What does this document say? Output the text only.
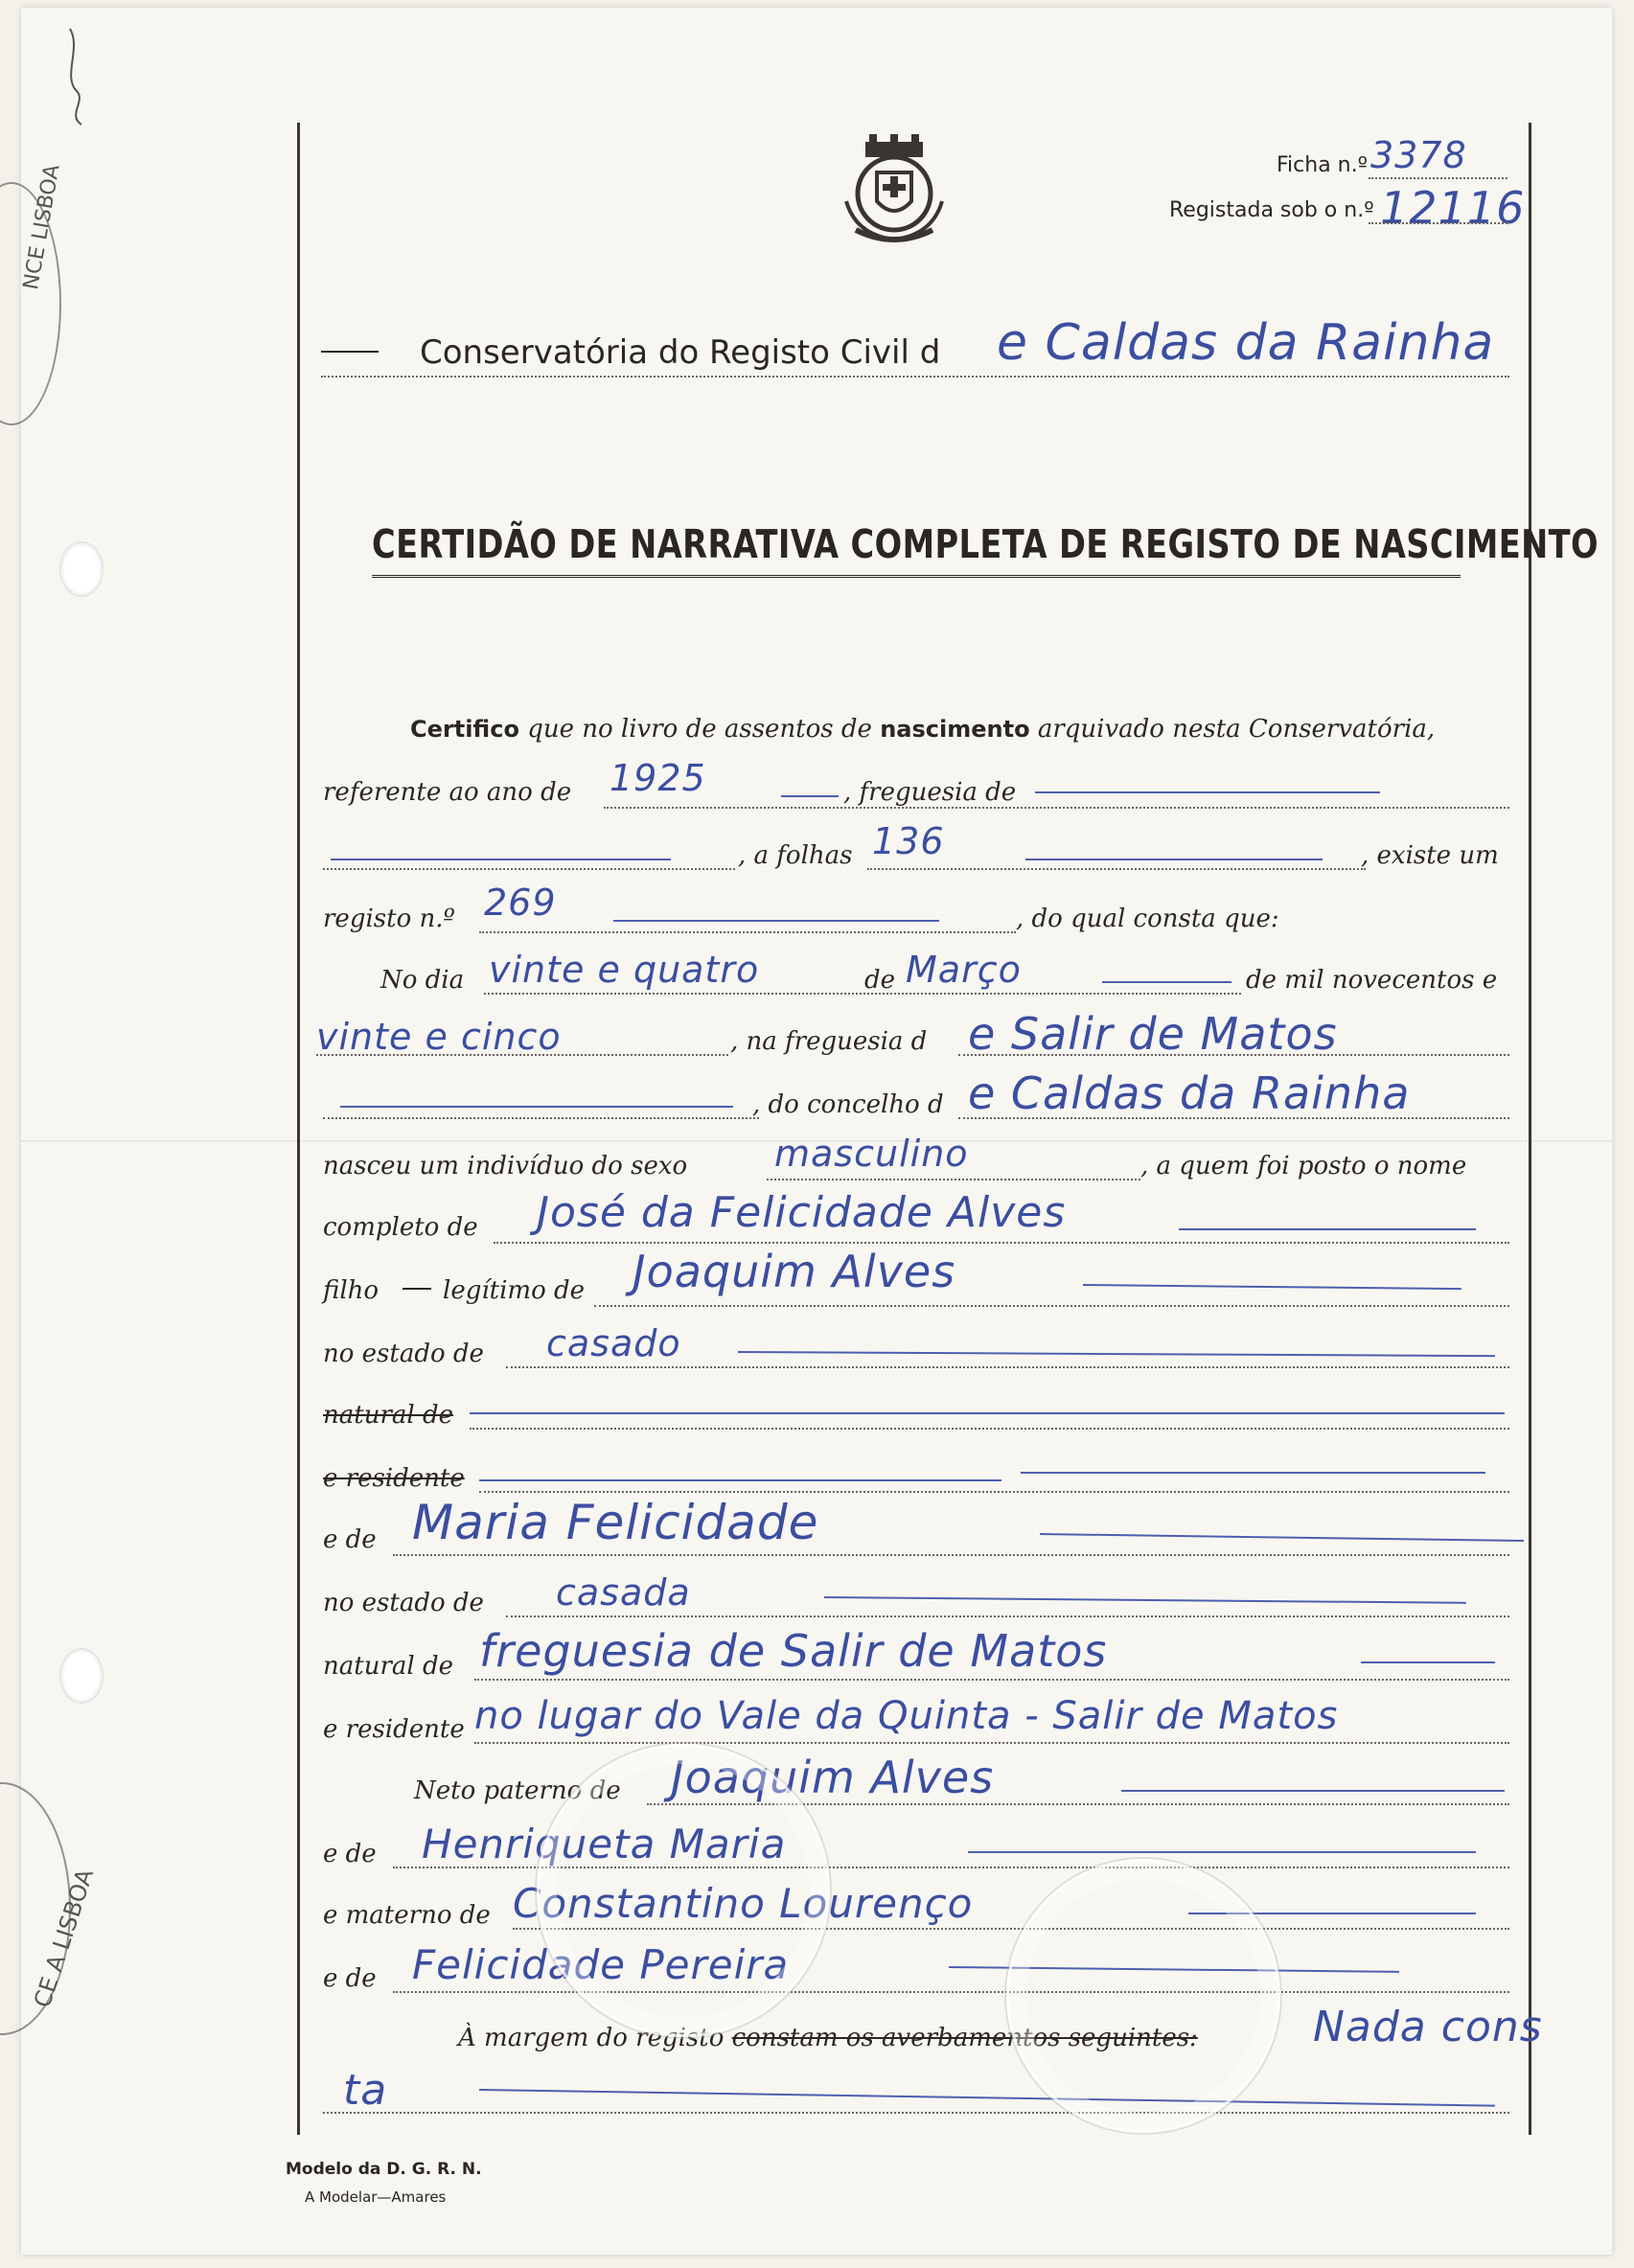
NCE LISBOA
CE A LISBOA
Ficha n.º 3378
Registada sob o n.º 12116
Conservatória do Registo Civil d e Caldas da Rainha
CERTIDÃO DE NARRATIVA COMPLETA DE REGISTO DE NASCIMENTO
Certifico que no livro de assentos de nascimento arquivado nesta Conservatória,
referente ao ano de 1925	, freguesia de
, a folhas 136	, existe um
registo n.º 269	, do qual consta que:
No dia vinte e quatro	de Março	de mil novecentos e
vinte e cinco	, na freguesia d e Salir de Matos
, do concelho d e Caldas da Rainha
nasceu um indivíduo do sexo masculino	, a quem foi posto o nome
completo de José da Felicidade Alves
filho	legítimo de Joaquim Alves
no estado de casado
natural de
e residente
e de Maria Felicidade
no estado de casada
natural de freguesia de Salir de Matos
e residente no lugar do Vale da Quinta - Salir de Matos
Neto paterno de Joaquim Alves
e de Henriqueta Maria
e materno de Constantino Lourenço
e de Felicidade Pereira
À margem do registo constam os averbamentos seguintes:	Nada cons
ta
Modelo da D. G. R. N.
A Modelar—Amares
